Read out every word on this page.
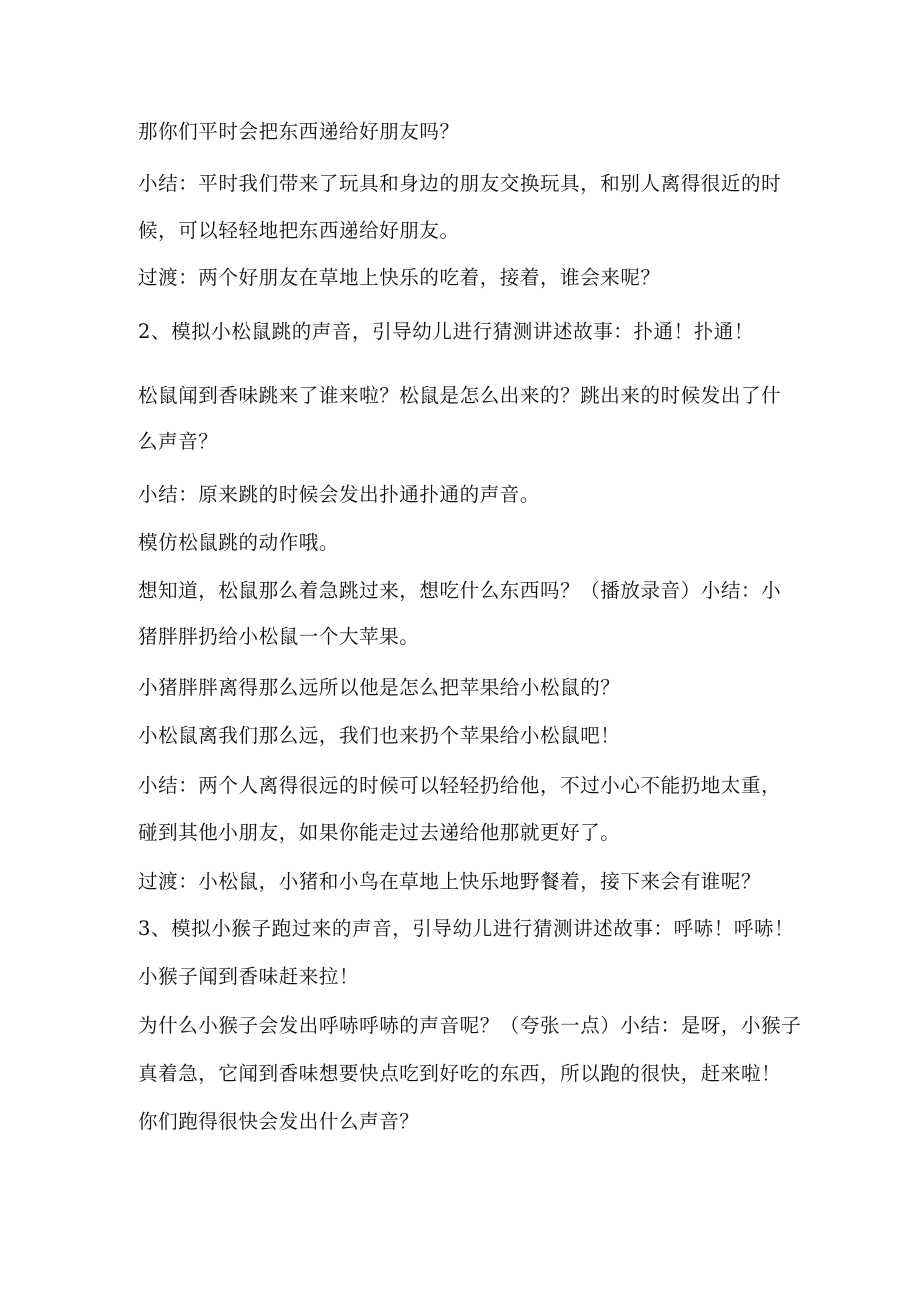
那你们平时会把东西递给好朋友吗？
小结：平时我们带来了玩具和身边的朋友交换玩具，和别人离得很近的时
候，可以轻轻地把东西递给好朋友。
过渡：两个好朋友在草地上快乐的吃着，接着，谁会来呢？
2、模拟小松鼠跳的声音，引导幼儿进行猜测讲述故事：扑通！扑通！
松鼠闻到香味跳来了谁来啦？松鼠是怎么出来的？跳出来的时候发出了什
么声音？
小结：原来跳的时候会发出扑通扑通的声音。
模仿松鼠跳的动作哦。
想知道，松鼠那么着急跳过来，想吃什么东西吗？（播放录音）小结：小
猪胖胖扔给小松鼠一个大苹果。
小猪胖胖离得那么远所以他是怎么把苹果给小松鼠的？
小松鼠离我们那么远，我们也来扔个苹果给小松鼠吧！
小结：两个人离得很远的时候可以轻轻扔给他，不过小心不能扔地太重，
碰到其他小朋友，如果你能走过去递给他那就更好了。
过渡：小松鼠，小猪和小鸟在草地上快乐地野餐着，接下来会有谁呢？
3、模拟小猴子跑过来的声音，引导幼儿进行猜测讲述故事：呼哧！呼哧！
小猴子闻到香味赶来拉！
为什么小猴子会发出呼哧呼哧的声音呢？（夸张一点）小结：是呀，小猴子
真着急，它闻到香味想要快点吃到好吃的东西，所以跑的很快，赶来啦！
你们跑得很快会发出什么声音？
